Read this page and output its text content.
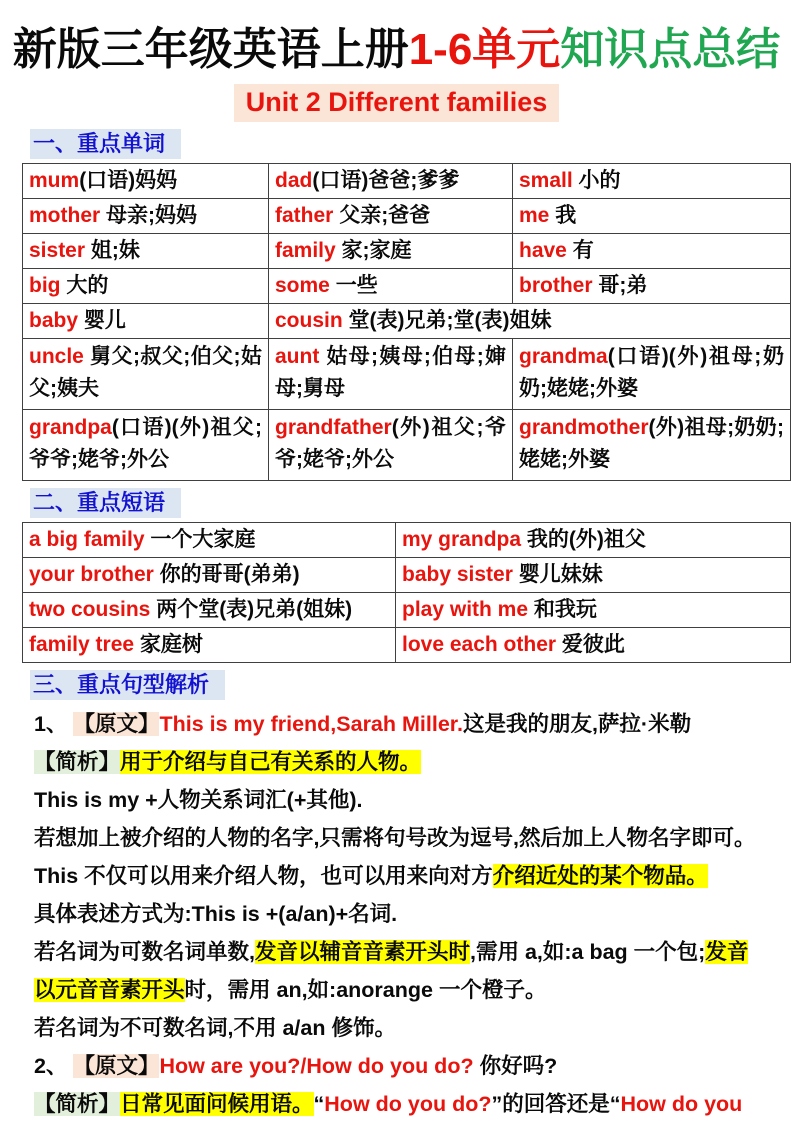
新版三年级英语上册1-6单元知识点总结
Unit 2 Different families
一、重点单词
mum(口语)妈妈	dad(口语)爸爸;爹爹	small 小的
mother 母亲;妈妈	father 父亲;爸爸	me 我
sister 姐;妹	family 家;家庭	have 有
big 大的	some 一些	brother 哥;弟
baby 婴儿	cousin 堂(表)兄弟;堂(表)姐妹	
uncle 舅父;叔父;伯父;姑父;姨夫	aunt 姑母;姨母;伯母;婶母;舅母	grandma(口语)(外)祖母;奶奶;姥姥;外婆
grandpa(口语)(外)祖父;爷爷;姥爷;外公	grandfather(外)祖父;爷爷;姥爷;外公	grandmother(外)祖母;奶奶;姥姥;外婆
二、重点短语
a big family 一个大家庭	my grandpa 我的(外)祖父
your brother 你的哥哥(弟弟)	baby sister 婴儿妹妹
two cousins 两个堂(表)兄弟(姐妹)	play with me 和我玩
family tree 家庭树	love each other 爱彼此
三、重点句型解析
1、 【原文】This is my friend,Sarah Miller.这是我的朋友,萨拉·米勒
【简析】用于介绍与自己有关系的人物。
This is my +人物关系词汇(+其他).
若想加上被介绍的人物的名字,只需将句号改为逗号,然后加上人物名字即可。
This 不仅可以用来介绍人物，也可以用来向对方介绍近处的某个物品。
具体表述方式为:This is +(a/an)+名词.
若名词为可数名词单数,发音以辅音音素开头时,需用 a,如:a bag 一个包;发音
以元音音素开头时，需用 an,如:anorange 一个橙子。
若名词为不可数名词,不用 a/an 修饰。
2、 【原文】How are you?/How do you do? 你好吗?
【简析】日常见面问候用语。“How do you do?”的回答还是“How do you
